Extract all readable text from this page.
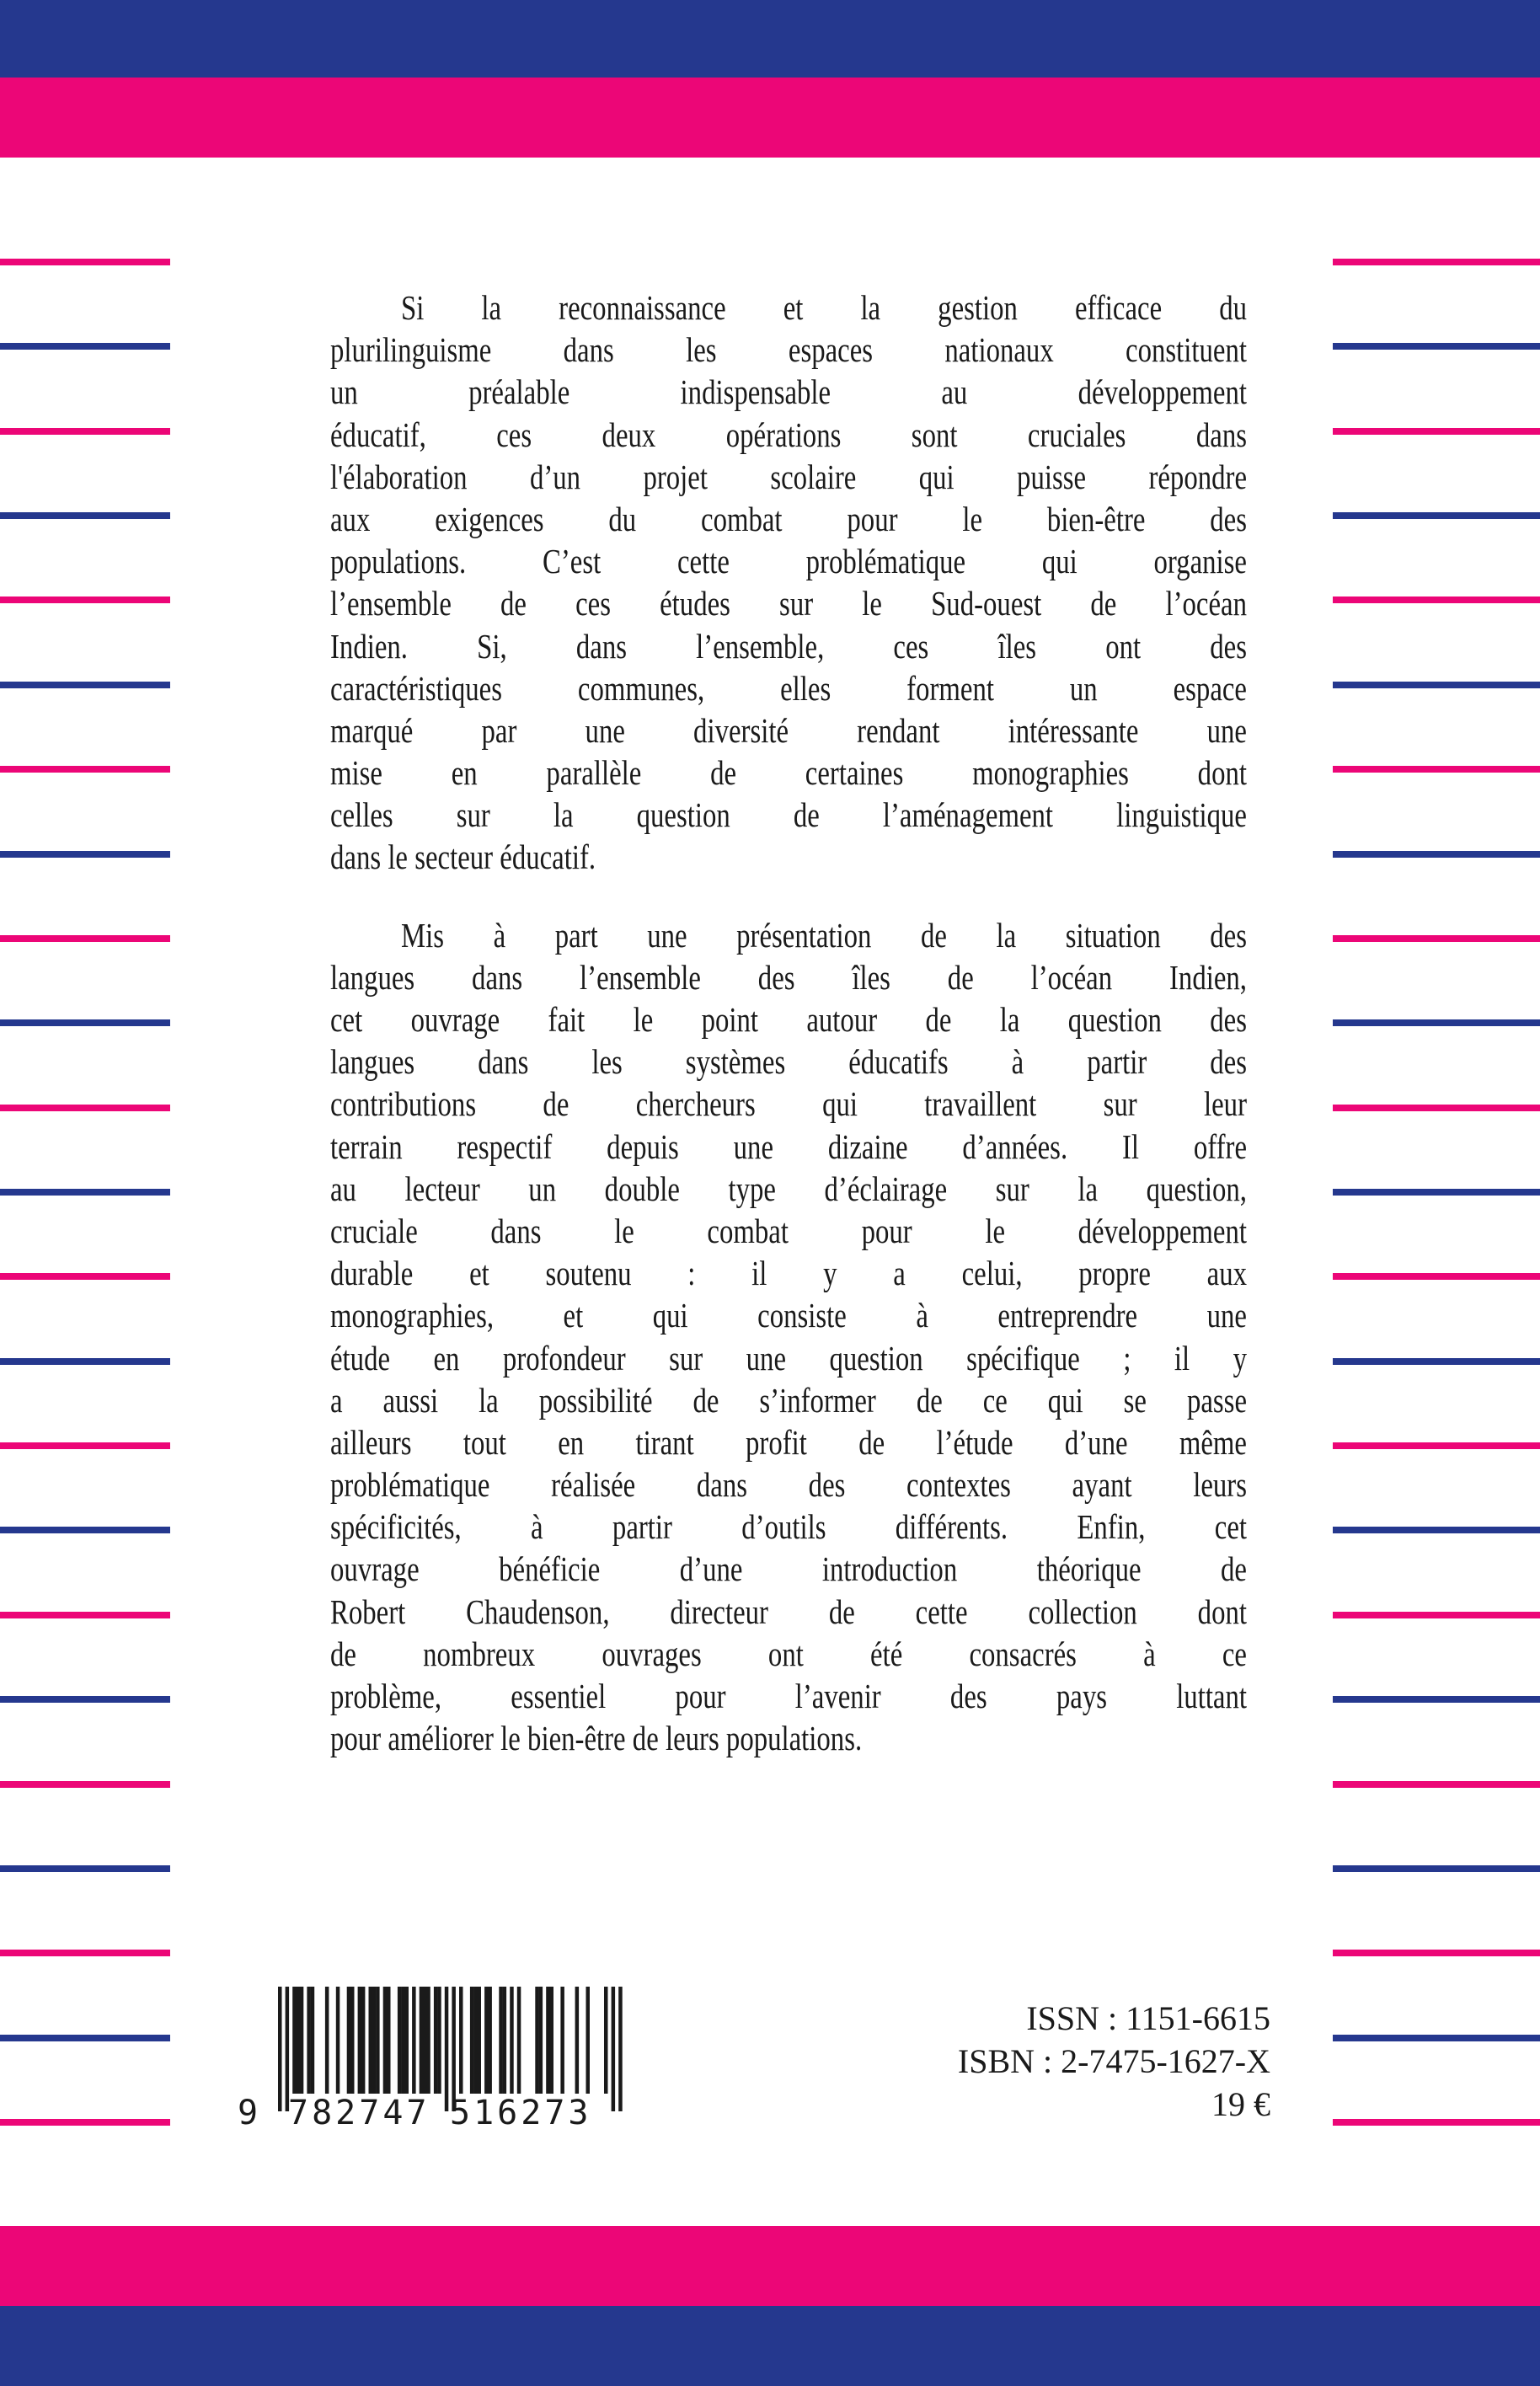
Si la reconnaissance et la gestion efficace du
plurilinguisme dans les espaces nationaux constituent
un préalable indispensable au développement
éducatif, ces deux opérations sont cruciales dans
l'élaboration d’un projet scolaire qui puisse répondre
aux exigences du combat pour le bien-être des
populations. C’est cette problématique qui organise
l’ensemble de ces études sur le Sud-ouest de l’océan
Indien. Si, dans l’ensemble, ces îles ont des
caractéristiques communes, elles forment un espace
marqué par une diversité rendant intéressante une
mise en parallèle de certaines monographies dont
celles sur la question de l’aménagement linguistique
dans le secteur éducatif.

Mis à part une présentation de la situation des
langues dans l’ensemble des îles de l’océan Indien,
cet ouvrage fait le point autour de la question des
langues dans les systèmes éducatifs à partir des
contributions de chercheurs qui travaillent sur leur
terrain respectif depuis une dizaine d’années. Il offre
au lecteur un double type d’éclairage sur la question,
cruciale dans le combat pour le développement
durable et soutenu : il y a celui, propre aux
monographies, et qui consiste à entreprendre une
étude en profondeur sur une question spécifique ; il y
a aussi la possibilité de s’informer de ce qui se passe
ailleurs tout en tirant profit de l’étude d’une même
problématique réalisée dans des contextes ayant leurs
spécificités, à partir d’outils différents. Enfin, cet
ouvrage bénéficie d’une introduction théorique de
Robert Chaudenson, directeur de cette collection dont
de nombreux ouvrages ont été consacrés à ce
problème, essentiel pour l’avenir des pays luttant
pour améliorer le bien-être de leurs populations.

9 782747 516273
ISSN : 1151-6615
ISBN : 2-7475-1627-X
19 €
